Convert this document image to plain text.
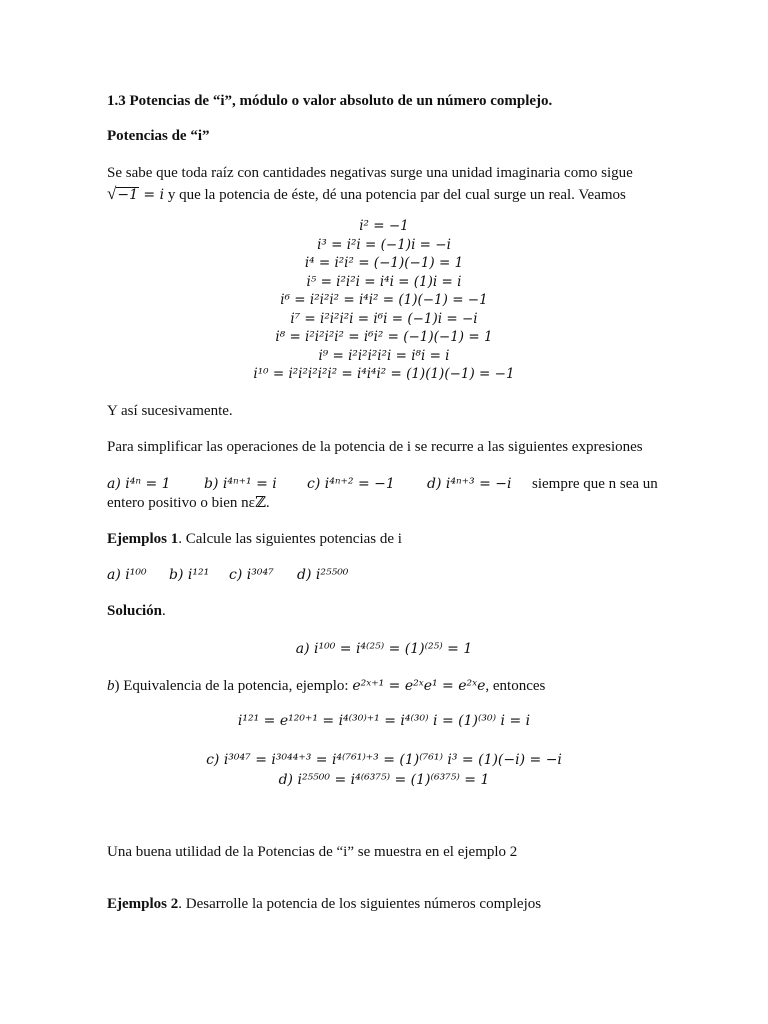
1.3 Potencias de “i”, módulo o valor absoluto de un número complejo.

Potencias de “i”

Se sabe que toda raíz con cantidades negativas surge una unidad imaginaria como sigue

√−1 = i y que la potencia de éste, dé una potencia par del cual surge un real. Veamos

i² = −1
i³ = i²i = (−1)i = −i
i⁴ = i²i² = (−1)(−1) = 1
i⁵ = i²i²i = i⁴i = (1)i = i
i⁶ = i²i²i² = i⁴i² = (1)(−1) = −1
i⁷ = i²i²i²i = i⁶i = (−1)i = −i
i⁸ = i²i²i²i² = i⁶i² = (−1)(−1) = 1
i⁹ = i²i²i²i²i = i⁸i = i
i¹⁰ = i²i²i²i²i² = i⁴i⁴i² = (1)(1)(−1) = −1

Y así sucesivamente.

Para simplificar las operaciones de la potencia de i se recurre a las siguientes expresiones

a) i⁴ⁿ = 1 b) i⁴ⁿ⁺¹ = i c) i⁴ⁿ⁺² = −1 d) i⁴ⁿ⁺³ = −i siempre que n sea un

entero positivo o bien nεℤ.

Ejemplos 1. Calcule las siguientes potencias de i

a) i¹⁰⁰ b) i¹²¹ c) i³⁰⁴⁷ d) i²⁵⁵⁰⁰

Solución.

a) i¹⁰⁰ = i⁴⁽²⁵⁾ = (1)⁽²⁵⁾ = 1

b) Equivalencia de la potencia, ejemplo: e²ˣ⁺¹ = e²ˣe¹ = e²ˣe, entonces

i¹²¹ = e¹²⁰⁺¹ = i⁴⁽³⁰⁾⁺¹ = i⁴⁽³⁰⁾ i = (1)⁽³⁰⁾ i = i

c) i³⁰⁴⁷ = i³⁰⁴⁴⁺³ = i⁴⁽⁷⁶¹⁾⁺³ = (1)⁽⁷⁶¹⁾ i³ = (1)(−i) = −i

d) i²⁵⁵⁰⁰ = i⁴⁽⁶³⁷⁵⁾ = (1)⁽⁶³⁷⁵⁾ = 1

Una buena utilidad de la Potencias de “i” se muestra en el ejemplo 2

Ejemplos 2. Desarrolle la potencia de los siguientes números complejos
